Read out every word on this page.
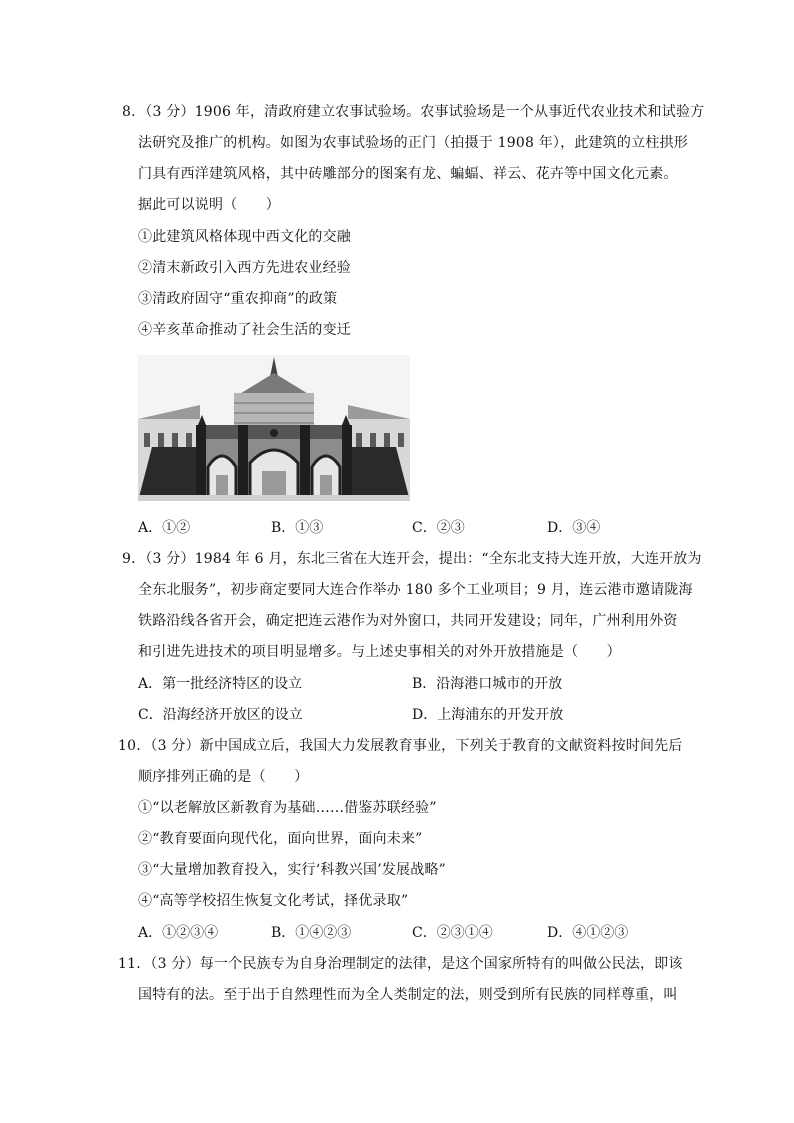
8．（3 分）1906 年，清政府建立农事试验场。农事试验场是一个从事近代农业技术和试验方
法研究及推广的机构。如图为农事试验场的正门（拍摄于 1908 年），此建筑的立柱拱形
门具有西洋建筑风格，其中砖雕部分的图案有龙、蝙蝠、祥云、花卉等中国文化元素。
据此可以说明（　　）
①此建筑风格体现中西文化的交融
②清末新政引入西方先进农业经验
③清政府固守“重农抑商”的政策
④辛亥革命推动了社会生活的变迁
A．①②	B．①③	C．②③	D．③④
9．（3 分）1984 年 6 月，东北三省在大连开会，提出：“全东北支持大连开放，大连开放为
全东北服务”，初步商定要同大连合作举办 180 多个工业项目；9 月，连云港市邀请陇海
铁路沿线各省开会，确定把连云港作为对外窗口，共同开发建设；同年，广州利用外资
和引进先进技术的项目明显增多。与上述史事相关的对外开放措施是（　　）
A．第一批经济特区的设立	B．沿海港口城市的开放
C．沿海经济开放区的设立	D．上海浦东的开发开放
10．（3 分）新中国成立后，我国大力发展教育事业，下列关于教育的文献资料按时间先后
顺序排列正确的是（　　）
①“以老解放区新教育为基础……借鉴苏联经验”
②“教育要面向现代化，面向世界，面向未来”
③“大量增加教育投入，实行‘科教兴国’发展战略”
④“高等学校招生恢复文化考试，择优录取”
A．①②③④	B．①④②③	C．②③①④	D．④①②③
11．（3 分）每一个民族专为自身治理制定的法律，是这个国家所特有的叫做公民法，即该
国特有的法。至于出于自然理性而为全人类制定的法，则受到所有民族的同样尊重，叫
